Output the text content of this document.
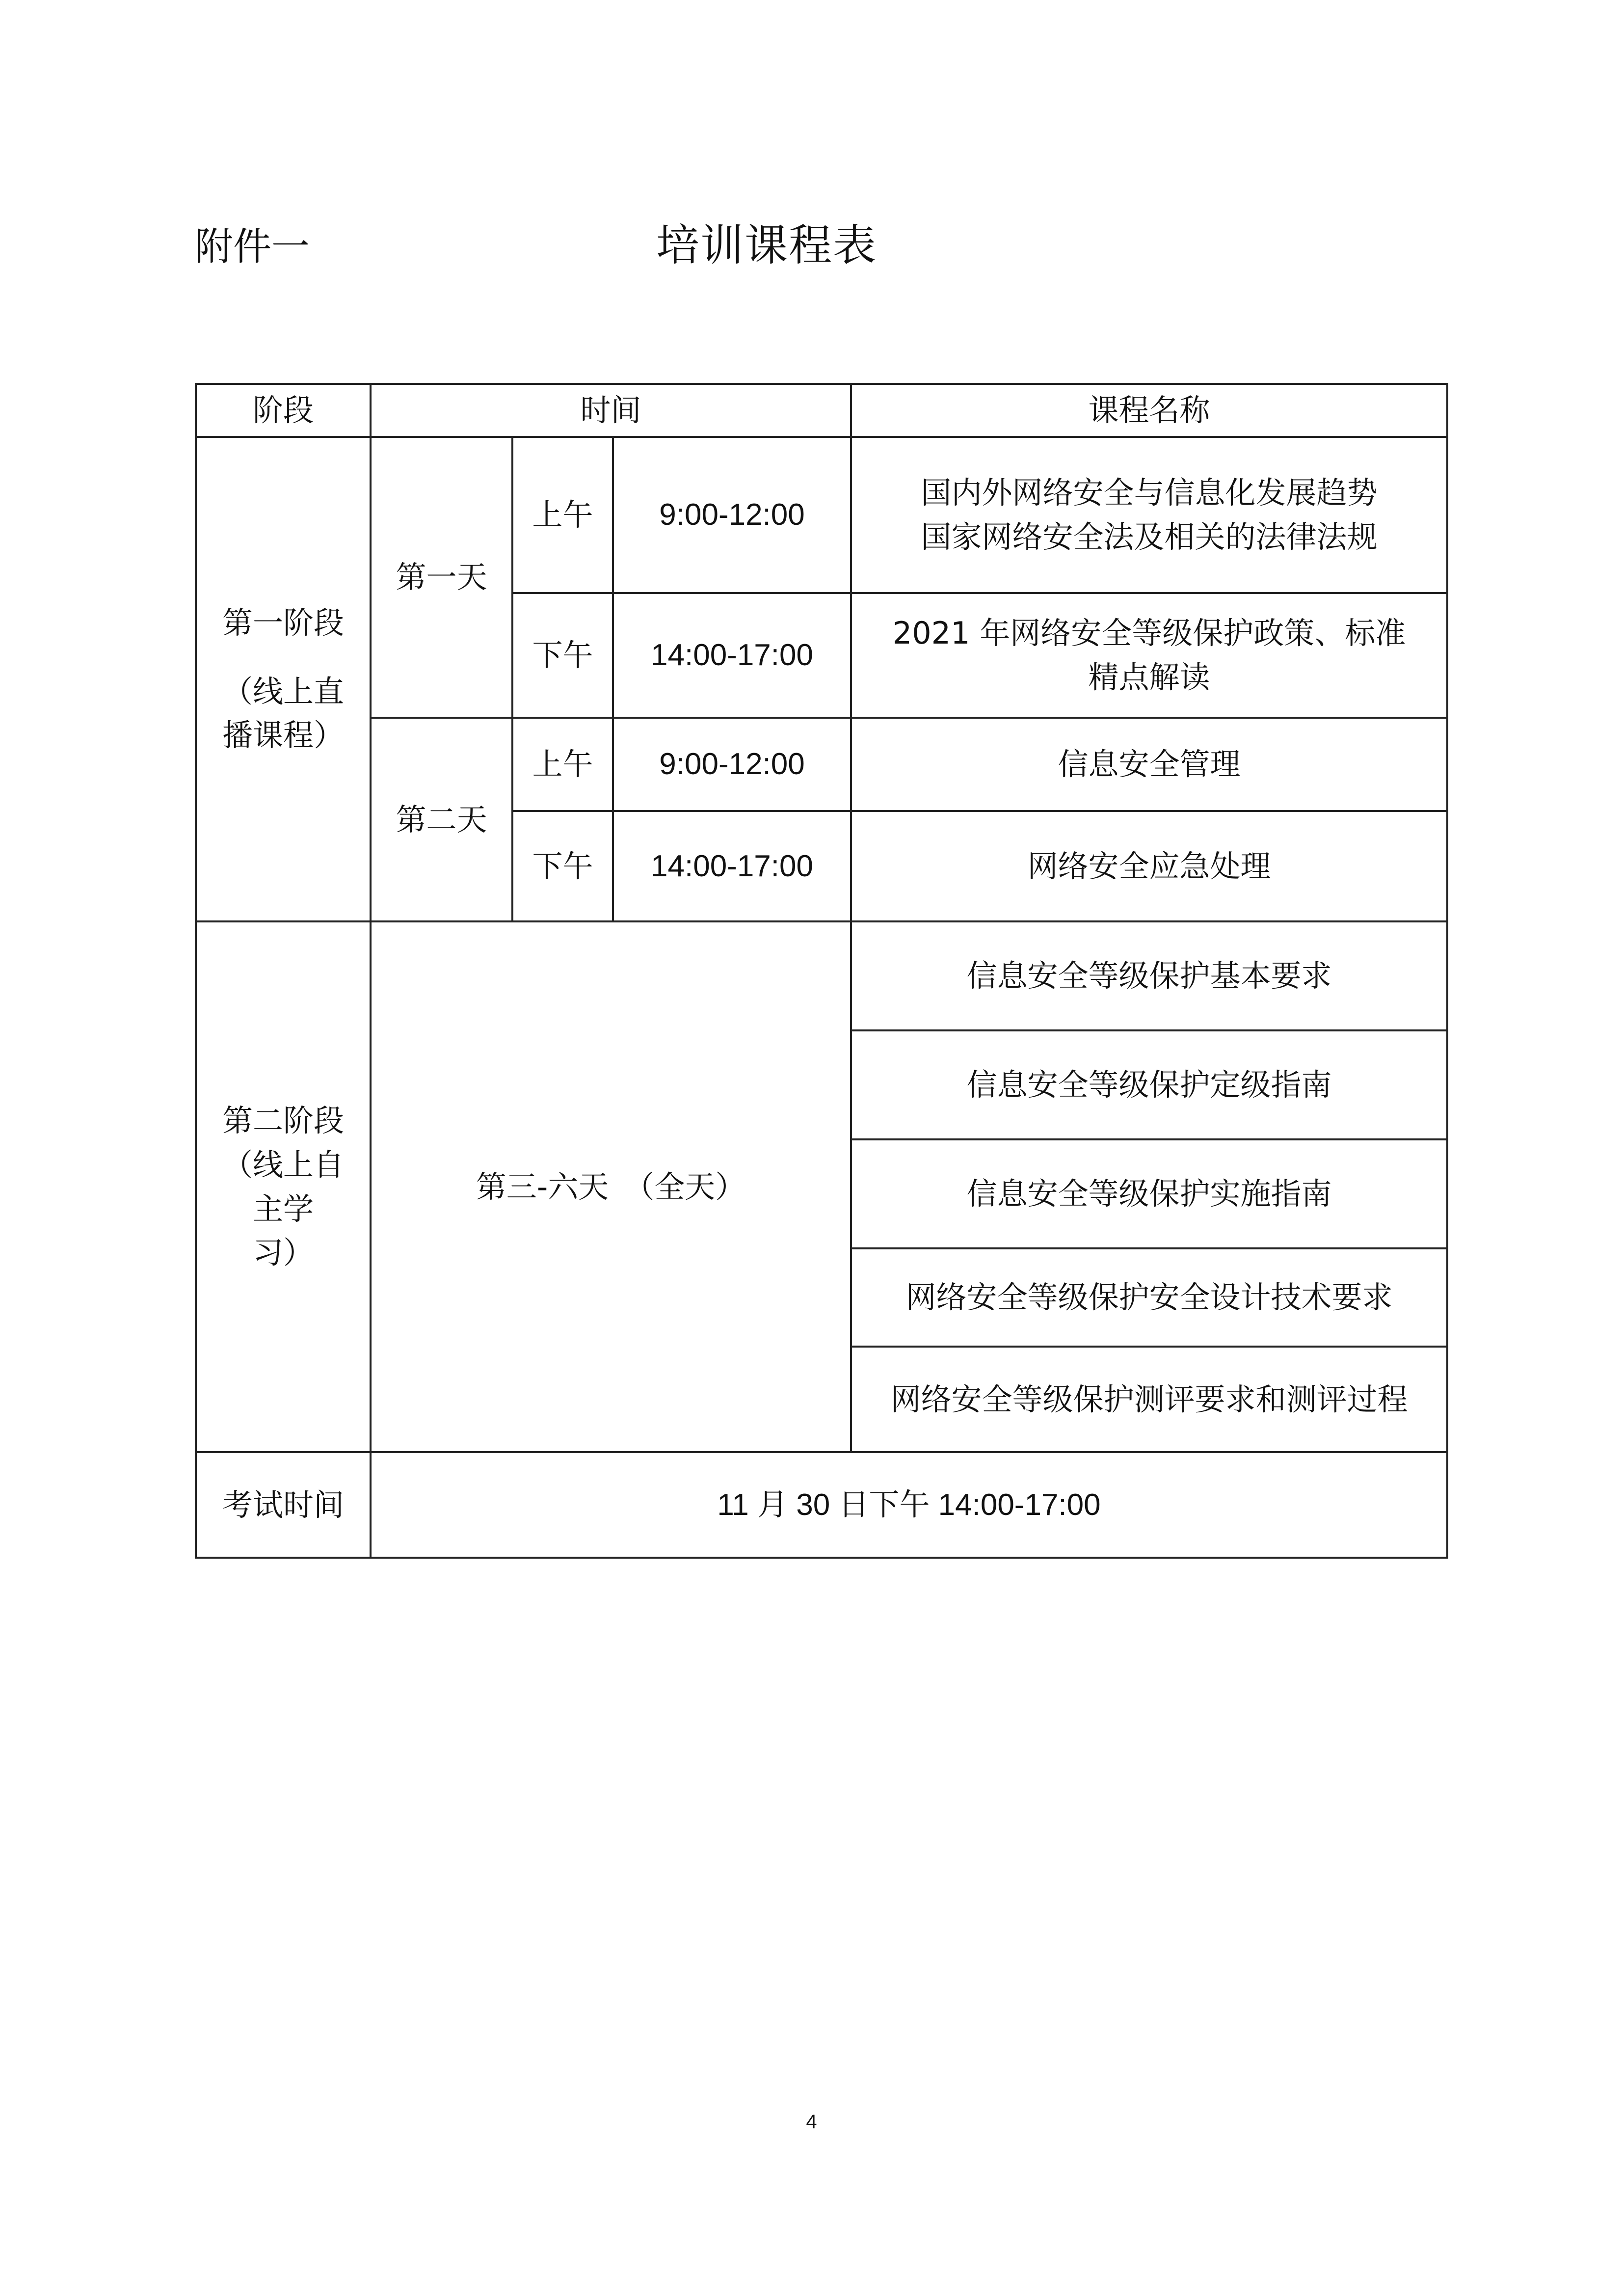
附件一	培训课程表
阶段	时间			课程名称

第一阶段
（线上直
播课程）	第一天	上午	9:00-12:00	国内外网络安全与信息化发展趋势
国家网络安全法及相关的法律法规

		下午	14:00-17:00	2021 年网络安全等级保护政策、标准
精点解读

	第二天	上午	9:00-12:00	信息安全管理
		下午	14:00-17:00	网络安全应急处理

第二阶段
（线上自
主学
习）	第三-六天　（全天）			信息安全等级保护基本要求
				信息安全等级保护定级指南
				信息安全等级保护实施指南
				网络安全等级保护安全设计技术要求
				网络安全等级保护测评要求和测评过程
考试时间	11 月 30 日下午 14:00-17:00			
4
